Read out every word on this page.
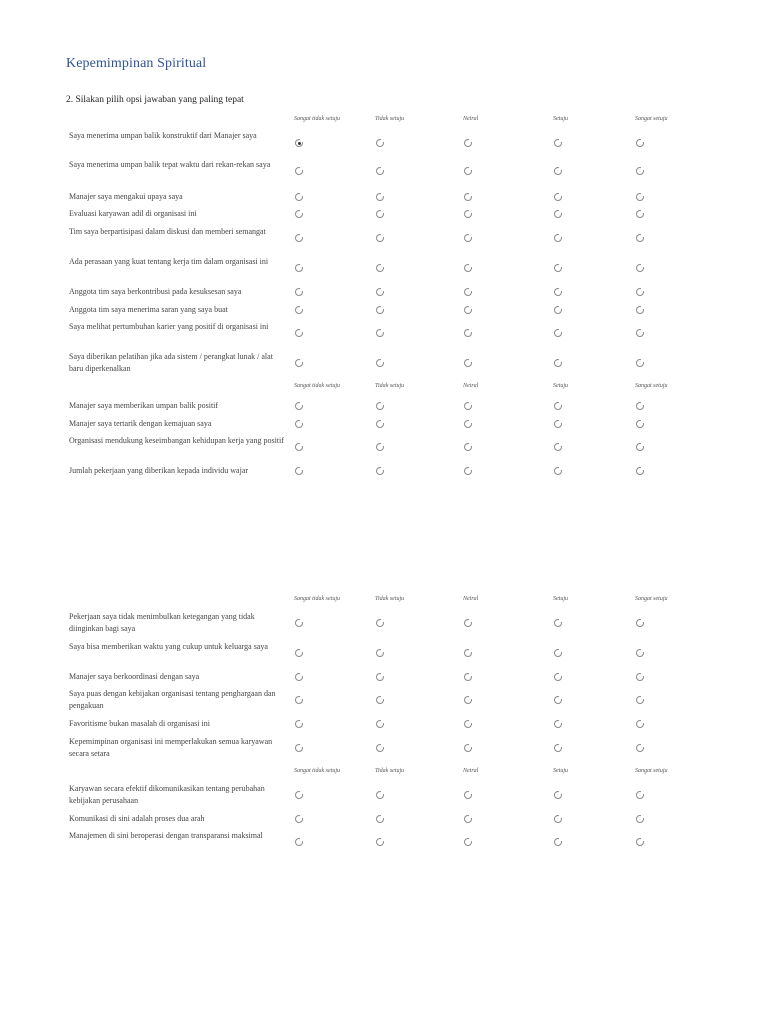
Kepemimpinan Spiritual
2. Silakan pilih opsi jawaban yang paling tepat
Sangat tidak setuju	Tidak setuju	Netral	Setuju	Sangat setuju
Sangat tidak setuju	Tidak setuju	Netral	Setuju	Sangat setuju
Sangat tidak setuju	Tidak setuju	Netral	Setuju	Sangat setuju
Sangat tidak setuju	Tidak setuju	Netral	Setuju	Sangat setuju
Saya menerima umpan balik konstruktif dari Manajer saya
Saya menerima umpan balik tepat waktu dari rekan-rekan saya
Manajer saya mengakui upaya saya
Evaluasi karyawan adil di organisasi ini
Tim saya berpartisipasi dalam diskusi dan memberi semangat
Ada perasaan yang kuat tentang kerja tim dalam organisasi ini
Anggota tim saya berkontribusi pada kesuksesan saya
Anggota tim saya menerima saran yang saya buat
Saya melihat pertumbuhan karier yang positif di organisasi ini
Saya diberikan pelatihan jika ada sistem / perangkat lunak / alat baru diperkenalkan
Manajer saya memberikan umpan balik positif
Manajer saya tertarik dengan kemajuan saya
Organisasi mendukung keseimbangan kehidupan kerja yang positif
Jumlah pekerjaan yang diberikan kepada individu wajar
Pekerjaan saya tidak menimbulkan ketegangan yang tidak diinginkan bagi saya
Saya bisa memberikan waktu yang cukup untuk keluarga saya
Manajer saya berkoordinasi dengan saya
Saya puas dengan kebijakan organisasi tentang penghargaan dan pengakuan
Favoritisme bukan masalah di organisasi ini
Kepemimpinan organisasi ini memperlakukan semua karyawan secara setara
Karyawan secara efektif dikomunikasikan tentang perubahan kebijakan perusahaan
Komunikasi di sini adalah proses dua arah
Manajemen di sini beroperasi dengan transparansi maksimal
